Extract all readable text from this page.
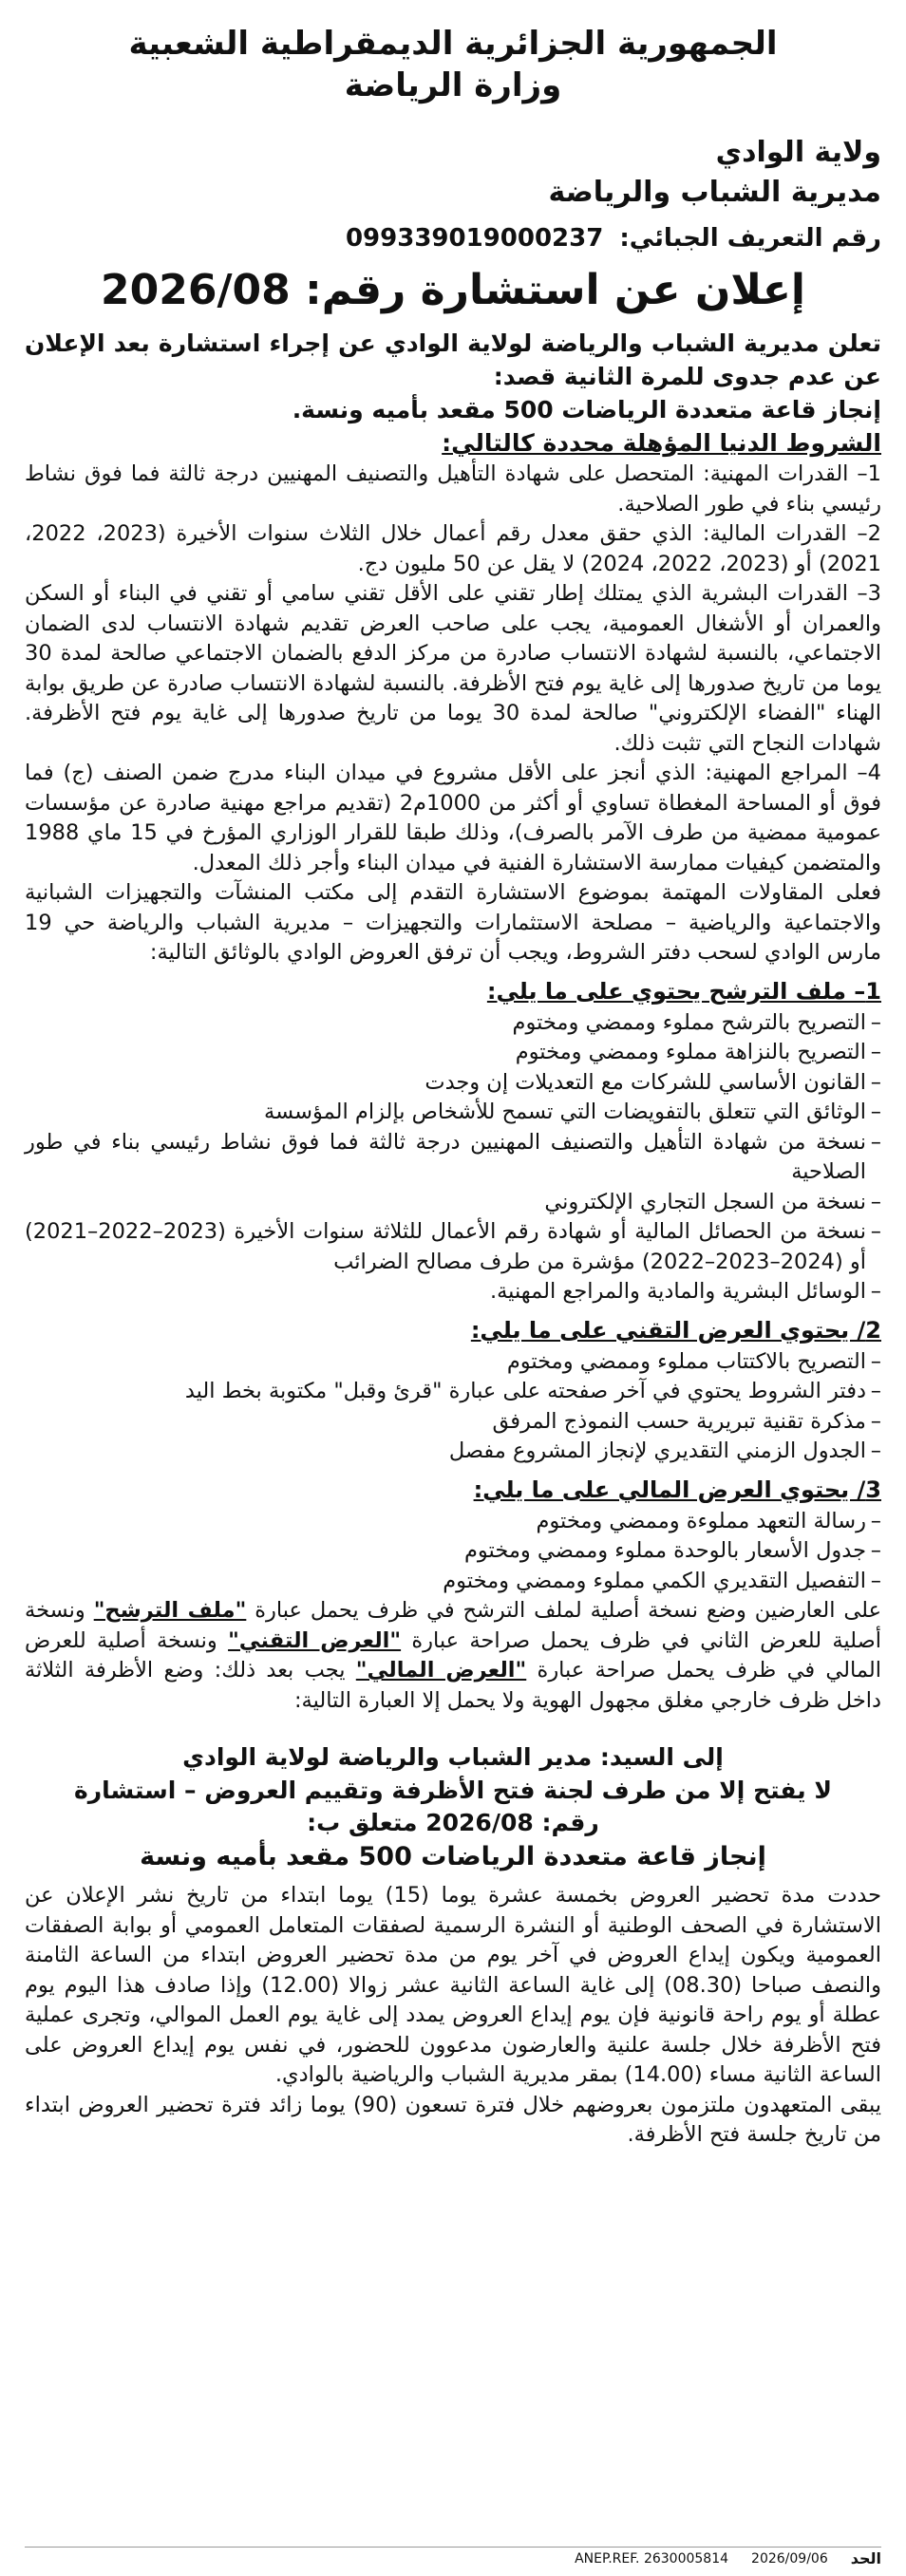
الجمهورية الجزائرية الديمقراطية الشعبية
وزارة الرياضة
ولاية الوادي
مديرية الشباب والرياضة
رقم التعريف الجبائي: 099339019000237
إعلان عن استشارة رقم: 2026/08
تعلن مديرية الشباب والرياضة لولاية الوادي عن إجراء استشارة بعد الإعلان عن عدم جدوى للمرة الثانية قصد:
إنجاز قاعة متعددة الرياضات 500 مقعد بأميه ونسة.
الشروط الدنيا المؤهلة محددة كالتالي:

1– القدرات المهنية: المتحصل على شهادة التأهيل والتصنيف المهنيين درجة ثالثة فما فوق نشاط رئيسي بناء في طور الصلاحية.

2– القدرات المالية: الذي حقق معدل رقم أعمال خلال الثلاث سنوات الأخيرة (2023، 2022، 2021) أو (2023، 2022، 2024) لا يقل عن 50 مليون دج.

3– القدرات البشرية الذي يمتلك إطار تقني على الأقل تقني سامي أو تقني في البناء أو السكن والعمران أو الأشغال العمومية، يجب على صاحب العرض تقديم شهادة الانتساب لدى الضمان الاجتماعي، بالنسبة لشهادة الانتساب صادرة من مركز الدفع بالضمان الاجتماعي صالحة لمدة 30 يوما من تاريخ صدورها إلى غاية يوم فتح الأظرفة. بالنسبة لشهادة الانتساب صادرة عن طريق بوابة الهناء "الفضاء الإلكتروني" صالحة لمدة 30 يوما من تاريخ صدورها إلى غاية يوم فتح الأظرفة. شهادات النجاح التي تثبت ذلك.

4– المراجع المهنية: الذي أنجز على الأقل مشروع في ميدان البناء مدرج ضمن الصنف (ج) فما فوق أو المساحة المغطاة تساوي أو أكثر من 1000م2 (تقديم مراجع مهنية صادرة عن مؤسسات عمومية ممضية من طرف الآمر بالصرف)، وذلك طبقا للقرار الوزاري المؤرخ في 15 ماي 1988 والمتضمن كيفيات ممارسة الاستشارة الفنية في ميدان البناء وأجر ذلك المعدل.

فعلى المقاولات المهتمة بموضوع الاستشارة التقدم إلى مكتب المنشآت والتجهيزات الشبانية والاجتماعية والرياضية – مصلحة الاستثمارات والتجهيزات – مديرية الشباب والرياضة حي 19 مارس الوادي لسحب دفتر الشروط، ويجب أن ترفق العروض الوادي بالوثائق التالية:

1– ملف الترشح يحتوي على ما يلي:
– التصريح بالترشح مملوء وممضي ومختوم
– التصريح بالنزاهة مملوء وممضي ومختوم
– القانون الأساسي للشركات مع التعديلات إن وجدت
– الوثائق التي تتعلق بالتفويضات التي تسمح للأشخاص بإلزام المؤسسة
– نسخة من شهادة التأهيل والتصنيف المهنيين درجة ثالثة فما فوق نشاط رئيسي بناء في طور الصلاحية
– نسخة من السجل التجاري الإلكتروني
– نسخة من الحصائل المالية أو شهادة رقم الأعمال للثلاثة سنوات الأخيرة (2023–2022–2021) أو (2024–2023–2022) مؤشرة من طرف مصالح الضرائب
– الوسائل البشرية والمادية والمراجع المهنية.
2/ يحتوي العرض التقني على ما يلي:
– التصريح بالاكتتاب مملوء وممضي ومختوم
– دفتر الشروط يحتوي في آخر صفحته على عبارة "قرئ وقبل" مكتوبة بخط اليد
– مذكرة تقنية تبريرية حسب النموذج المرفق
– الجدول الزمني التقديري لإنجاز المشروع مفصل
3/ يحتوي العرض المالي على ما يلي:
– رسالة التعهد مملوءة وممضي ومختوم
– جدول الأسعار بالوحدة مملوء وممضي ومختوم
– التفصيل التقديري الكمي مملوء وممضي ومختوم

على العارضين وضع نسخة أصلية لملف الترشح في ظرف يحمل عبارة "ملف الترشح" ونسخة أصلية للعرض الثاني في ظرف يحمل صراحة عبارة "العرض التقني" ونسخة أصلية للعرض المالي في ظرف يحمل صراحة عبارة "العرض المالي" يجب بعد ذلك: وضع الأظرفة الثلاثة داخل ظرف خارجي مغلق مجهول الهوية ولا يحمل إلا العبارة التالية:

إلى السيد: مدير الشباب والرياضة لولاية الوادي
لا يفتح إلا من طرف لجنة فتح الأظرفة وتقييم العروض – استشارة
رقم: 2026/08 متعلق ب:
إنجاز قاعة متعددة الرياضات 500 مقعد بأميه ونسة

حددت مدة تحضير العروض بخمسة عشرة يوما (15) يوما ابتداء من تاريخ نشر الإعلان عن الاستشارة في الصحف الوطنية أو النشرة الرسمية لصفقات المتعامل العمومي أو بوابة الصفقات العمومية ويكون إيداع العروض في آخر يوم من مدة تحضير العروض ابتداء من الساعة الثامنة والنصف صباحا (08.30) إلى غاية الساعة الثانية عشر زوالا (12.00) وإذا صادف هذا اليوم يوم عطلة أو يوم راحة قانونية فإن يوم إيداع العروض يمدد إلى غاية يوم العمل الموالي، وتجرى عملية فتح الأظرفة خلال جلسة علنية والعارضون مدعوون للحضور، في نفس يوم إيداع العروض على الساعة الثانية مساء (14.00) بمقر مديرية الشباب والرياضية بالوادي.

يبقى المتعهدون ملتزمون بعروضهم خلال فترة تسعون (90) يوما زائد فترة تحضير العروض ابتداء من تاريخ جلسة فتح الأظرفة.

ANEP.REF. 2630005814 2026/09/06 الحد
